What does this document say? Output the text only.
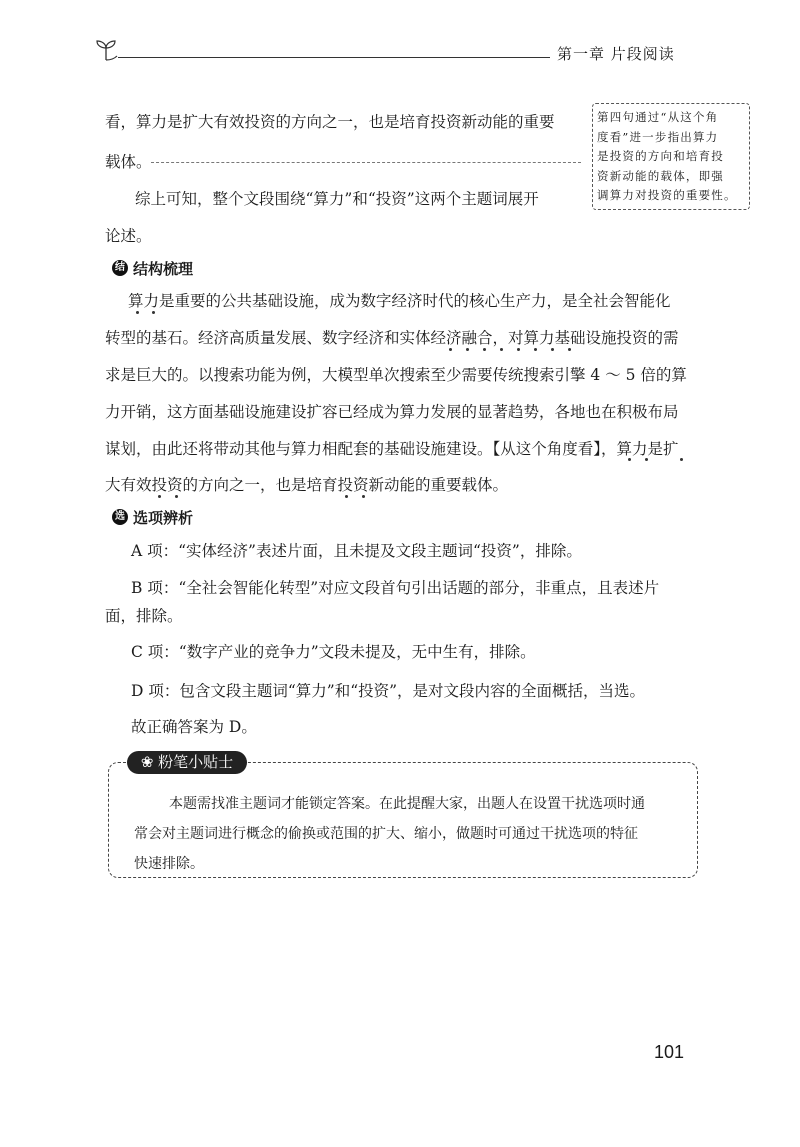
第一章 片段阅读
看，算力是扩大有效投资的方向之一，也是培育投资新动能的重要
载体。
综上可知，整个文段围绕“算力”和“投资”这两个主题词展开
论述。
第四句通过“从这个角
度看”进一步指出算力
是投资的方向和培育投
资新动能的载体，即强
调算力对投资的重要性。
结 结构梳理
算力是重要的公共基础设施，成为数字经济时代的核心生产力，是全社会智能化
转型的基石。经济高质量发展、数字经济和实体经济融合，对算力基础设施投资的需
求是巨大的。以搜索功能为例，大模型单次搜索至少需要传统搜索引擎 4 ～ 5 倍的算
力开销，这方面基础设施建设扩容已经成为算力发展的显著趋势，各地也在积极布局
谋划，由此还将带动其他与算力相配套的基础设施建设。【从这个角度看】，算力是扩
大有效投资的方向之一，也是培育投资新动能的重要载体。
选 选项辨析
A 项：“实体经济”表述片面，且未提及文段主题词“投资”，排除。
B 项：“全社会智能化转型”对应文段首句引出话题的部分，非重点，且表述片
面，排除。
C 项：“数字产业的竞争力”文段未提及，无中生有，排除。
D 项：包含文段主题词“算力”和“投资”，是对文段内容的全面概括，当选。
故正确答案为 D。
❀ 粉笔小贴士
本题需找准主题词才能锁定答案。在此提醒大家，出题人在设置干扰选项时通
常会对主题词进行概念的偷换或范围的扩大、缩小，做题时可通过干扰选项的特征
快速排除。
101
